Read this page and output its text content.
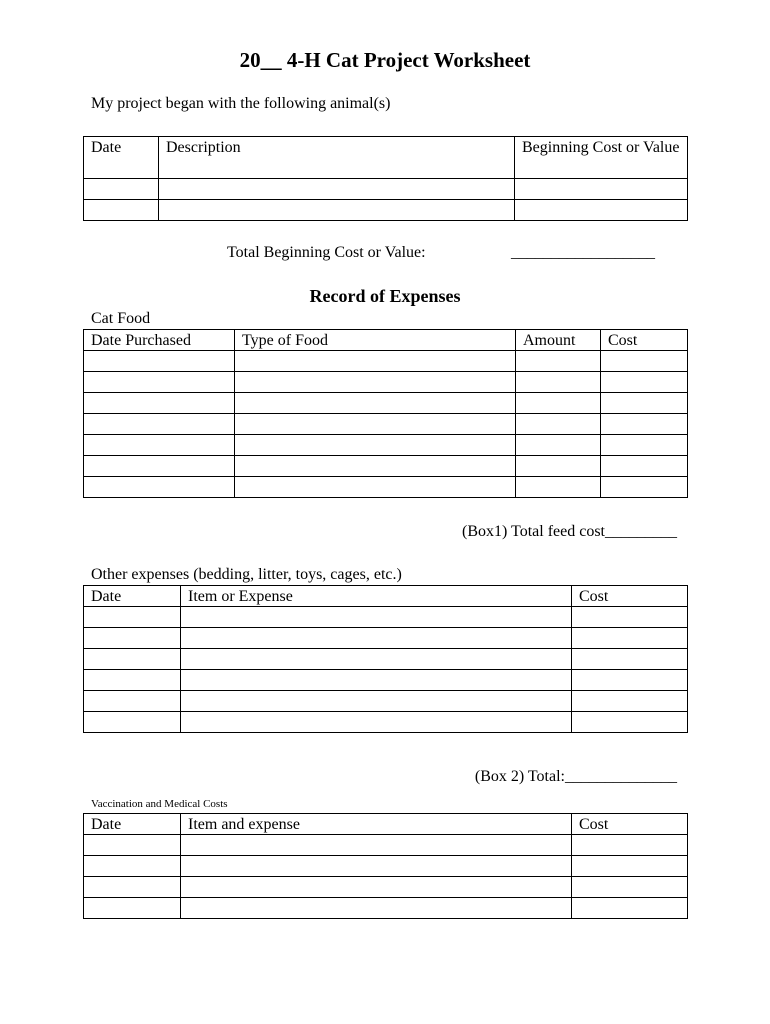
20__ 4-H Cat Project Worksheet
My project began with the following animal(s)
Date	Description	Beginning Cost or Value

Total Beginning Cost or Value:	__________________
Record of Expenses
Cat Food
Date Purchased	Type of Food	Amount	Cost

(Box1) Total feed cost_________
Other expenses (bedding, litter, toys, cages, etc.)
Date	Item or Expense	Cost

(Box 2) Total:______________
Vaccination and Medical Costs
Date	Item and expense	Cost
